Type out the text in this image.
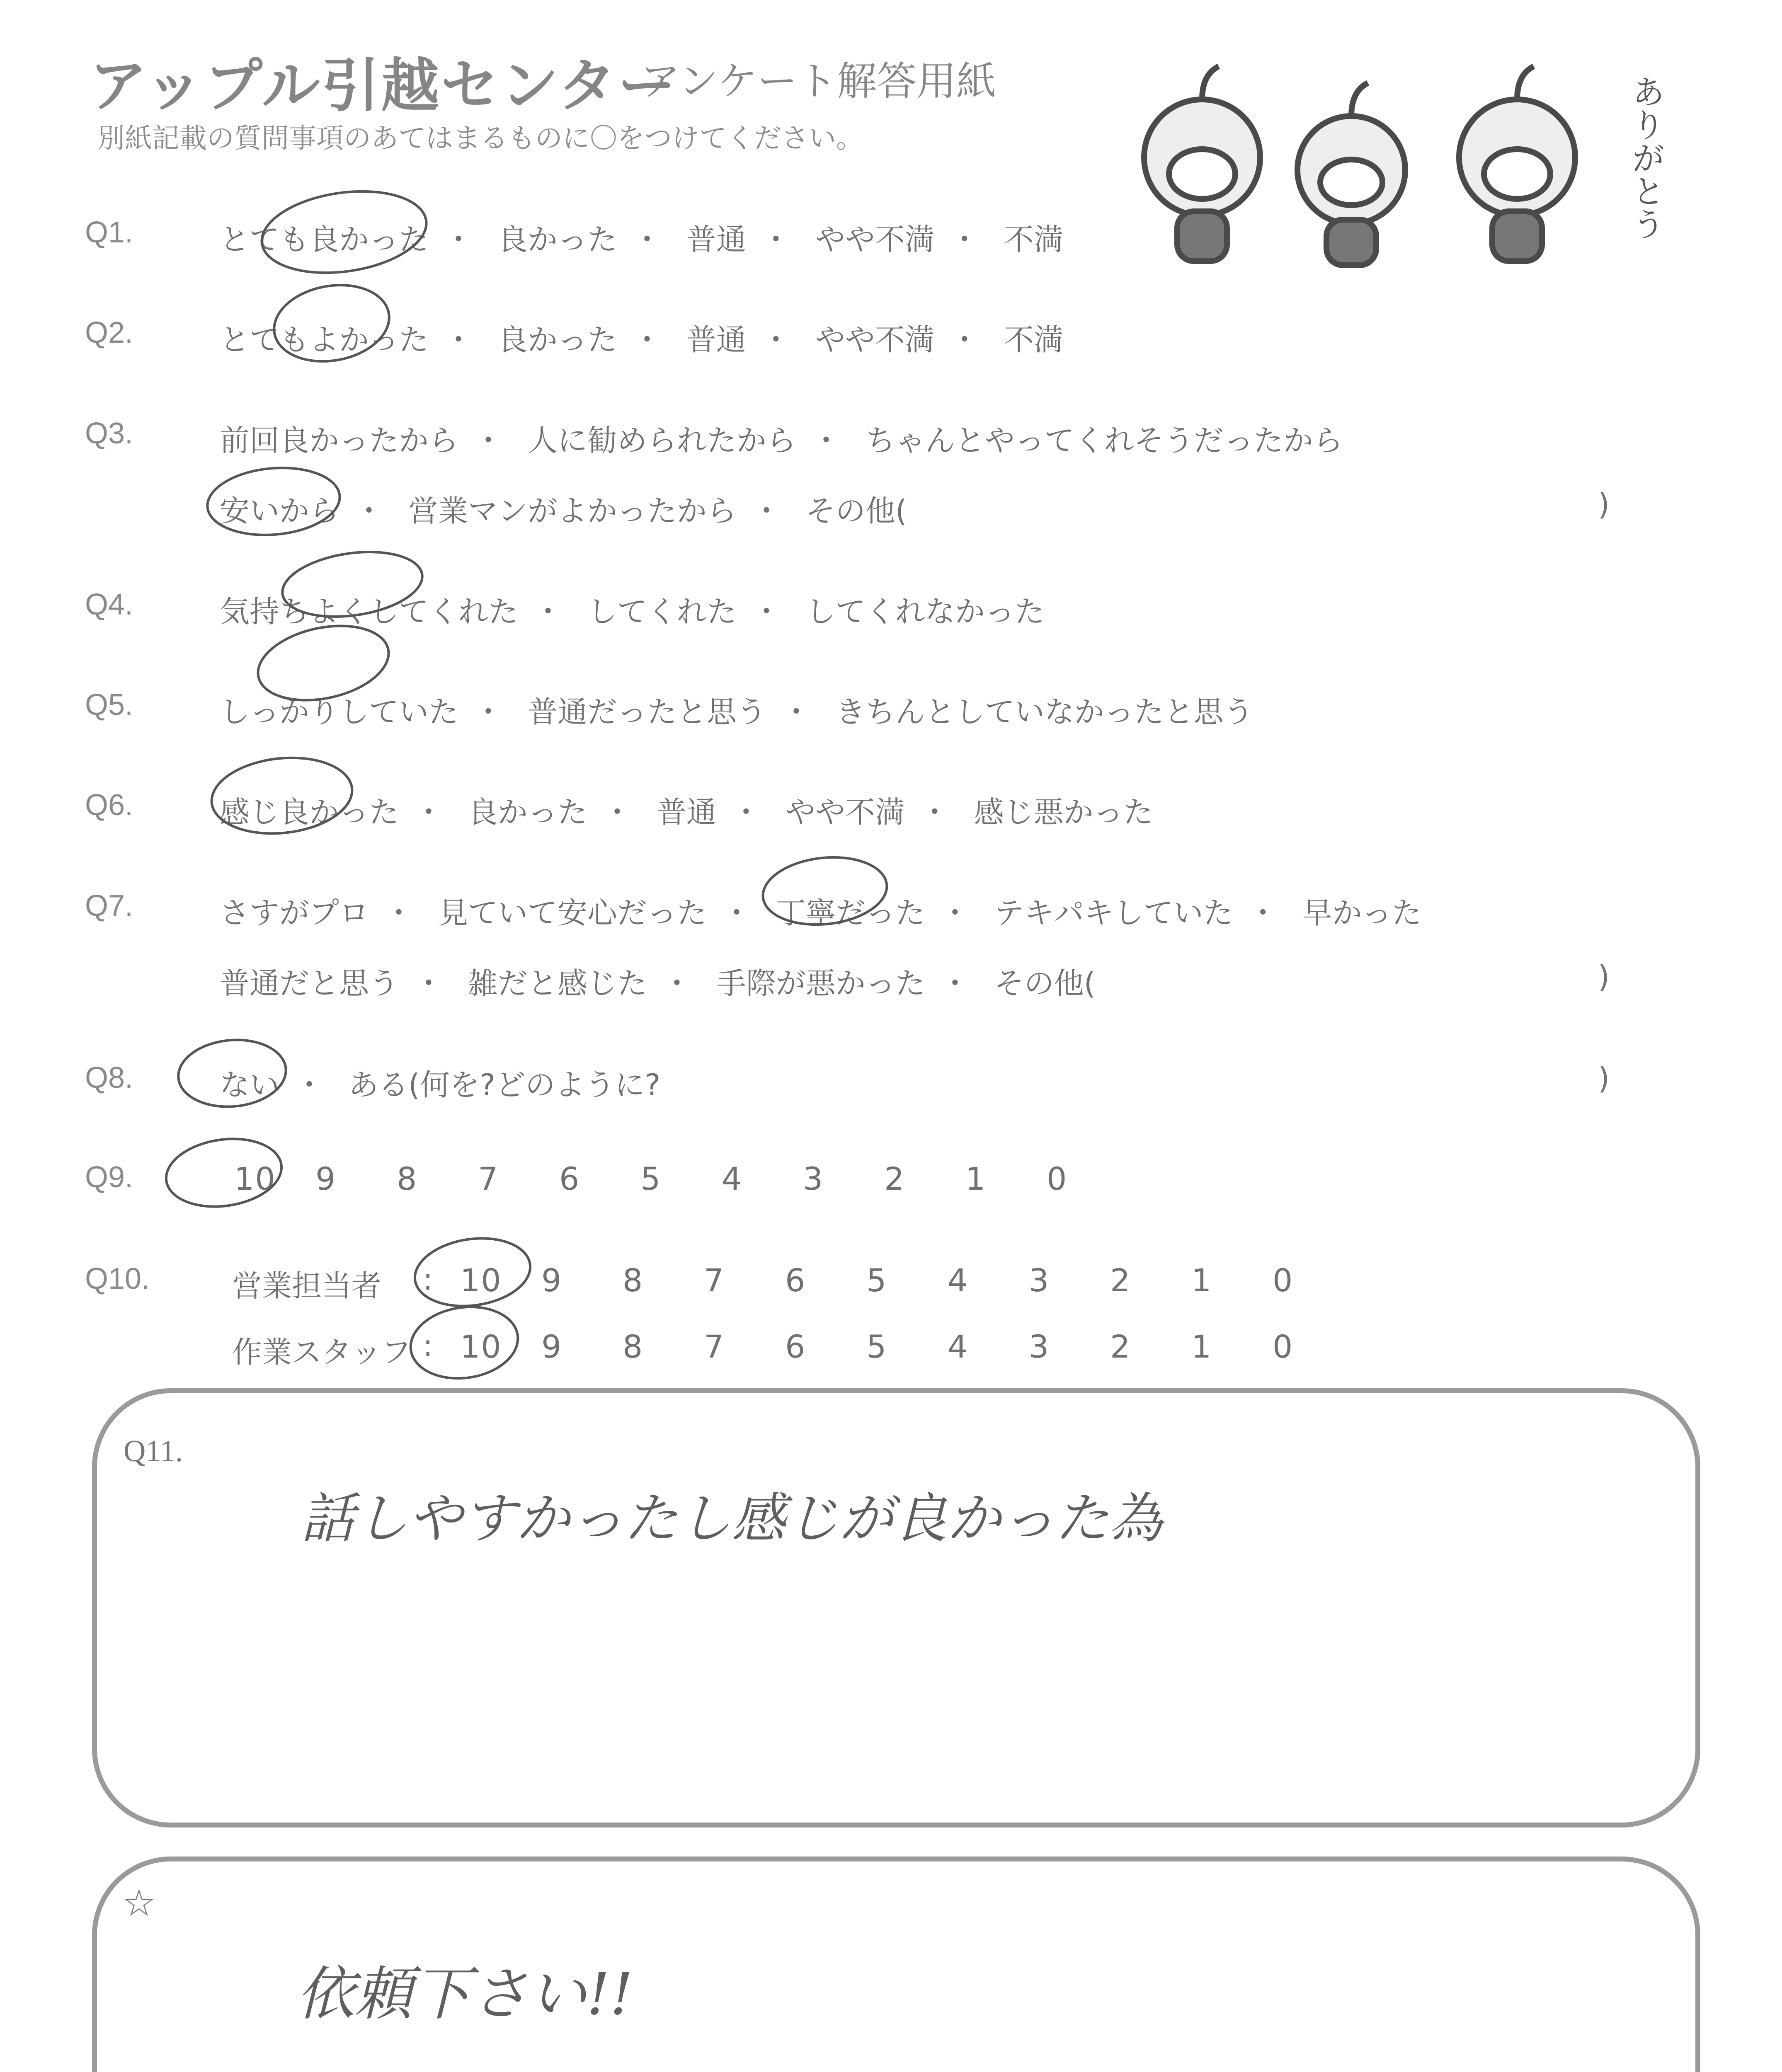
アップル引越センター
アンケート解答用紙
別紙記載の質問事項のあてはまるものに〇をつけてください。	ありがとう
Q1.	とても良かった ・ 良かった ・ 普通 ・ やや不満 ・ 不満
Q2.	とてもよかった ・ 良かった ・ 普通 ・ やや不満 ・ 不満
Q3.	前回良かったから ・ 人に勧められたから ・ ちゃんとやってくれそうだったから
安いから ・ 営業マンがよかったから ・ その他(	)
Q4.	気持ちよくしてくれた ・ してくれた ・ してくれなかった
Q5.	しっかりしていた ・ 普通だったと思う ・ きちんとしていなかったと思う
Q6.	感じ良かった ・ 良かった ・ 普通 ・ やや不満 ・ 感じ悪かった
Q7.	さすがプロ ・ 見ていて安心だった ・ 丁寧だった ・ テキパキしていた ・ 早かった
普通だと思う ・ 雑だと感じた ・ 手際が悪かった ・ その他(	)
Q8.	ない ・ ある(何を?どのように?	)
Q9.	10 9 8 7 6 5 4 3 2 1 0
Q10.	営業担当者 : 10 9 8 7 6 5 4 3 2 1 0
作業スタッフ : 10 9 8 7 6 5 4 3 2 1 0
Q11.
話しやすかったし感じが良かった為
☆
依頼下さい!!
